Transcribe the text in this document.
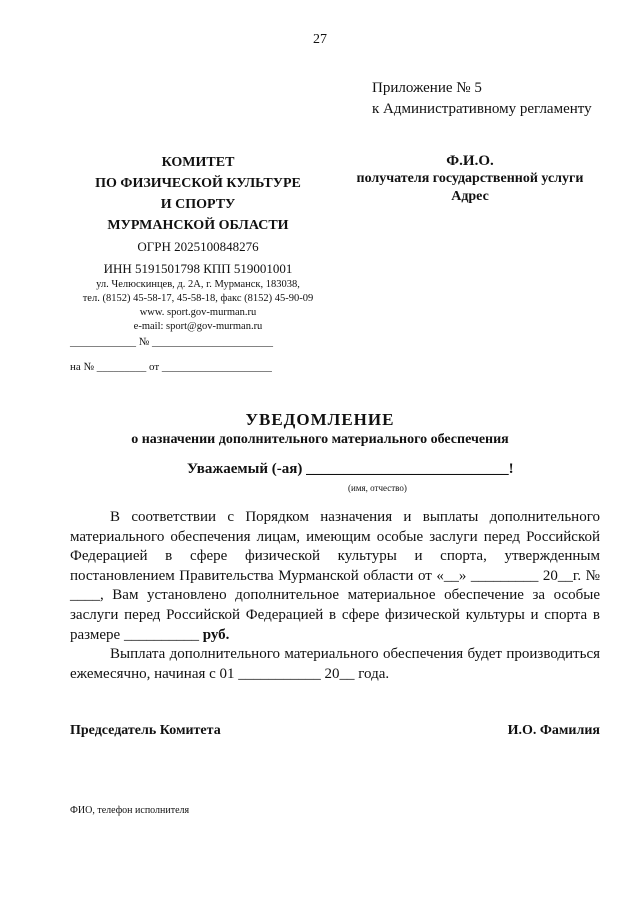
27
Приложение № 5
к Административному регламенту
КОМИТЕТ
ПО ФИЗИЧЕСКОЙ КУЛЬТУРЕ
И СПОРТУ
МУРМАНСКОЙ ОБЛАСТИ
ОГРН 2025100848276
ИНН 5191501798 КПП 519001001
ул. Челюскинцев, д. 2А, г. Мурманск, 183038,
тел. (8152) 45-58-17, 45-58-18, факс (8152) 45-90-09
www. sport.gov-murman.ru
e-mail: sport@gov-murman.ru
____________ № ______________________
на № _________ от ____________________
Ф.И.О.
получателя государственной услуги
Адрес
УВЕДОМЛЕНИЕ
о назначении дополнительного материального обеспечения
Уважаемый (-ая) ___________________________!
(имя, отчество)

В соответствии с Порядком назначения и выплаты дополнительного материального обеспечения лицам, имеющим особые заслуги перед Российской Федерацией в сфере физической культуры и спорта, утвержденным постановлением Правительства Мурманской области от «__» _________ 20__г. № ____, Вам установлено дополнительное материальное обеспечение за особые заслуги перед Российской Федерацией в сфере физической культуры и спорта в размере __________ руб.

Выплата дополнительного материального обеспечения будет производиться ежемесячно, начиная с 01 ___________ 20__ года.

Председатель Комитета	И.О. Фамилия
ФИО, телефон исполнителя
